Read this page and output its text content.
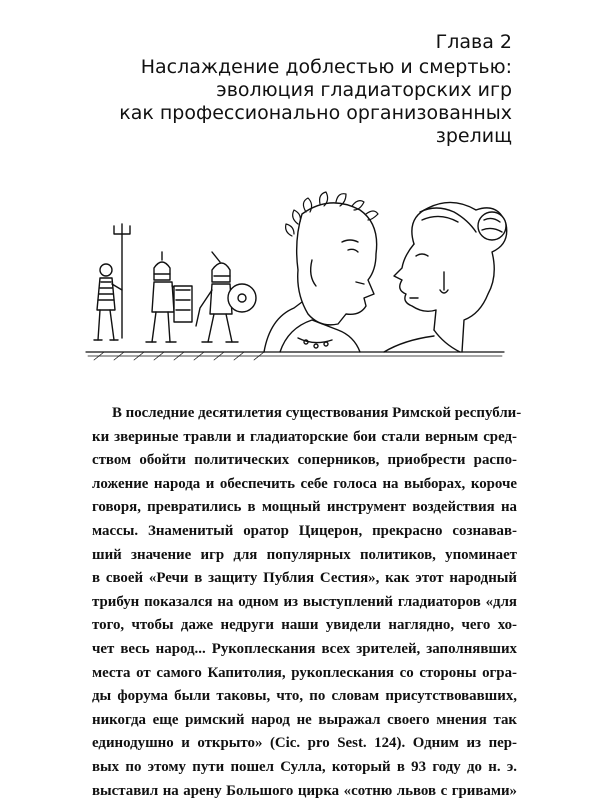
Глава 2
Наслаждение доблестью и смертью:
эволюция гладиаторских игр
как профессионально организованных
зрелищ
В последние десятилетия существования Римской республи-
ки звериные травли и гладиаторские бои стали верным сред-
ством обойти политических соперников, приобрести распо-
ложение народа и обеспечить себе голоса на выборах, короче
говоря, превратились в мощный инструмент воздействия на
массы. Знаменитый оратор Цицерон, прекрасно сознавав-
ший значение игр для популярных политиков, упоминает
в своей «Речи в защиту Публия Сестия», как этот народный
трибун показался на одном из выступлений гладиаторов «для
того, чтобы даже недруги наши увидели наглядно, чего хо-
чет весь народ... Рукоплескания всех зрителей, заполнявших
места от самого Капитолия, рукоплескания со стороны огра-
ды форума были таковы, что, по словам присутствовавших,
никогда еще римский народ не выражал своего мнения так
единодушно и открыто» (Cic. pro Sest. 124). Одним из пер-
вых по этому пути пошел Сулла, который в 93 году до н. э.
выставил на арену Большого цирка «сотню львов с гривами»
